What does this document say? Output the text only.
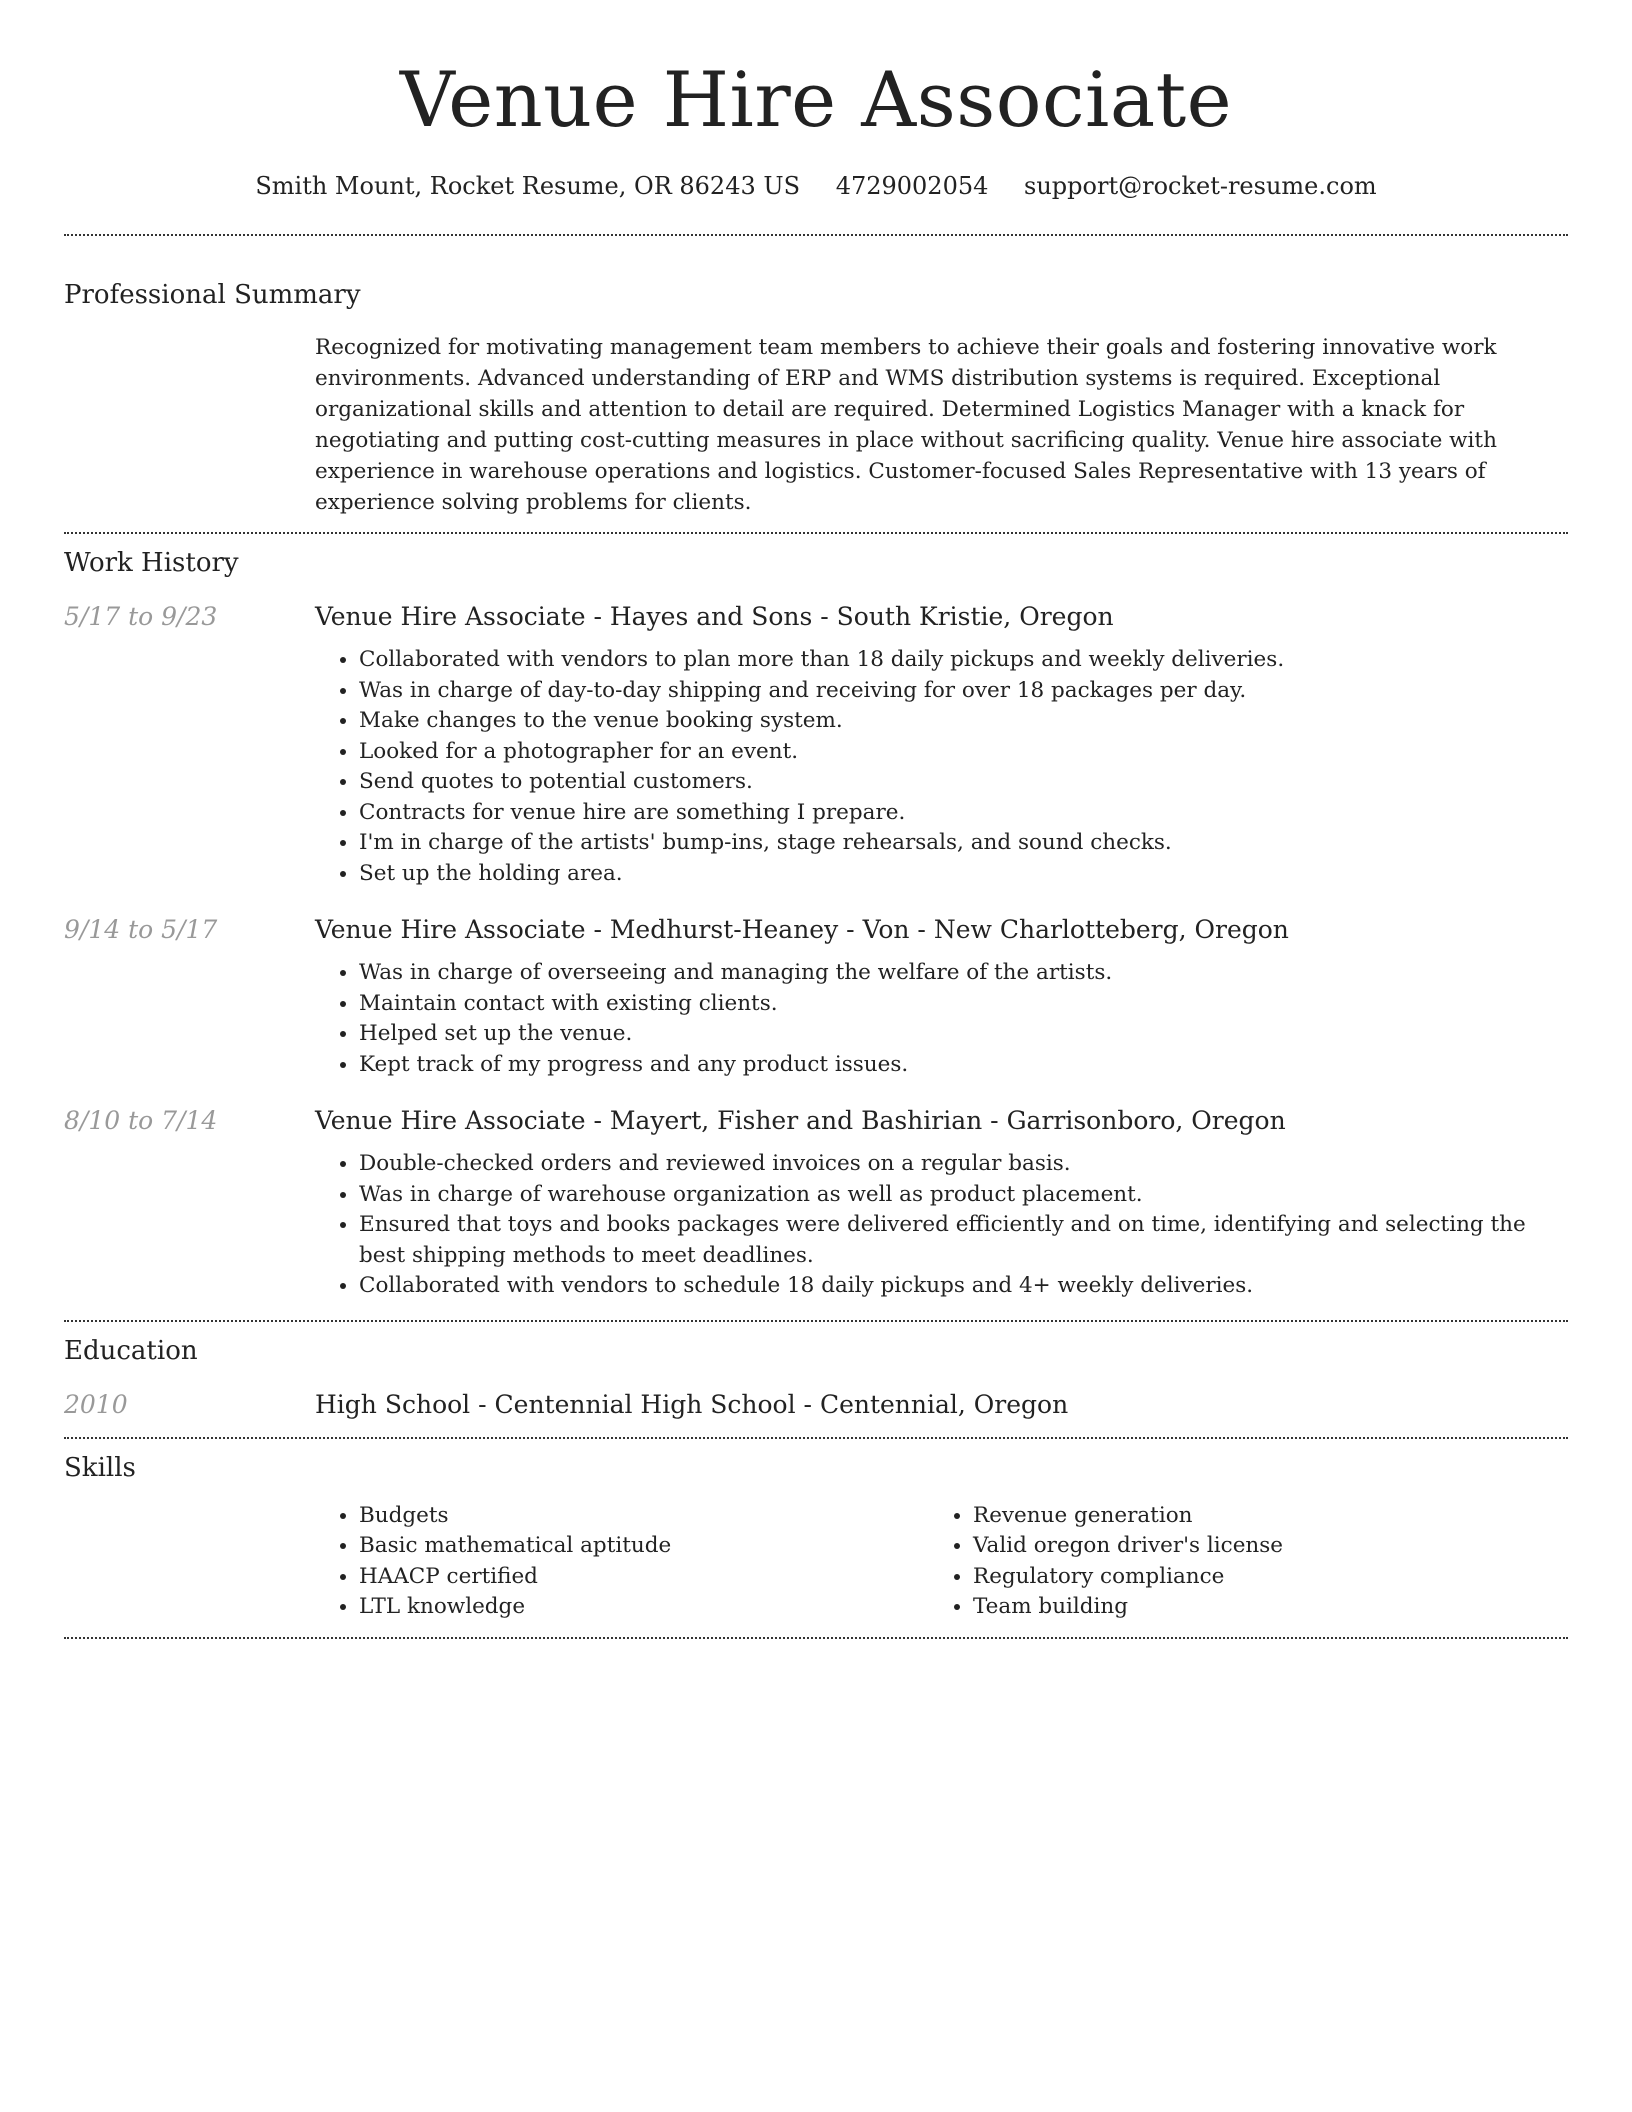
Venue Hire Associate
Smith Mount, Rocket Resume, OR 86243 US 4729002054 support@rocket-resume.com
Professional Summary
Recognized for motivating management team members to achieve their goals and fostering innovative work environments. Advanced understanding of ERP and WMS distribution systems is required. Exceptional organizational skills and attention to detail are required. Determined Logistics Manager with a knack for negotiating and putting cost-cutting measures in place without sacrificing quality. Venue hire associate with experience in warehouse operations and logistics. Customer-focused Sales Representative with 13 years of experience solving problems for clients.
Work History
5/17 to 9/23	Venue Hire Associate - Hayes and Sons - South Kristie, Oregon
• Collaborated with vendors to plan more than 18 daily pickups and weekly deliveries.
• Was in charge of day-to-day shipping and receiving for over 18 packages per day.
• Make changes to the venue booking system.
• Looked for a photographer for an event.
• Send quotes to potential customers.
• Contracts for venue hire are something I prepare.
• I'm in charge of the artists' bump-ins, stage rehearsals, and sound checks.
• Set up the holding area.
9/14 to 5/17	Venue Hire Associate - Medhurst-Heaney - Von - New Charlotteberg, Oregon
• Was in charge of overseeing and managing the welfare of the artists.
• Maintain contact with existing clients.
• Helped set up the venue.
• Kept track of my progress and any product issues.
8/10 to 7/14	Venue Hire Associate - Mayert, Fisher and Bashirian - Garrisonboro, Oregon
• Double-checked orders and reviewed invoices on a regular basis.
• Was in charge of warehouse organization as well as product placement.
• Ensured that toys and books packages were delivered efficiently and on time, identifying and selecting the best shipping methods to meet deadlines.
• Collaborated with vendors to schedule 18 daily pickups and 4+ weekly deliveries.
Education
2010	High School - Centennial High School - Centennial, Oregon
Skills
• Budgets
• Basic mathematical aptitude
• HAACP certified
• LTL knowledge
• Revenue generation
• Valid oregon driver's license
• Regulatory compliance
• Team building
